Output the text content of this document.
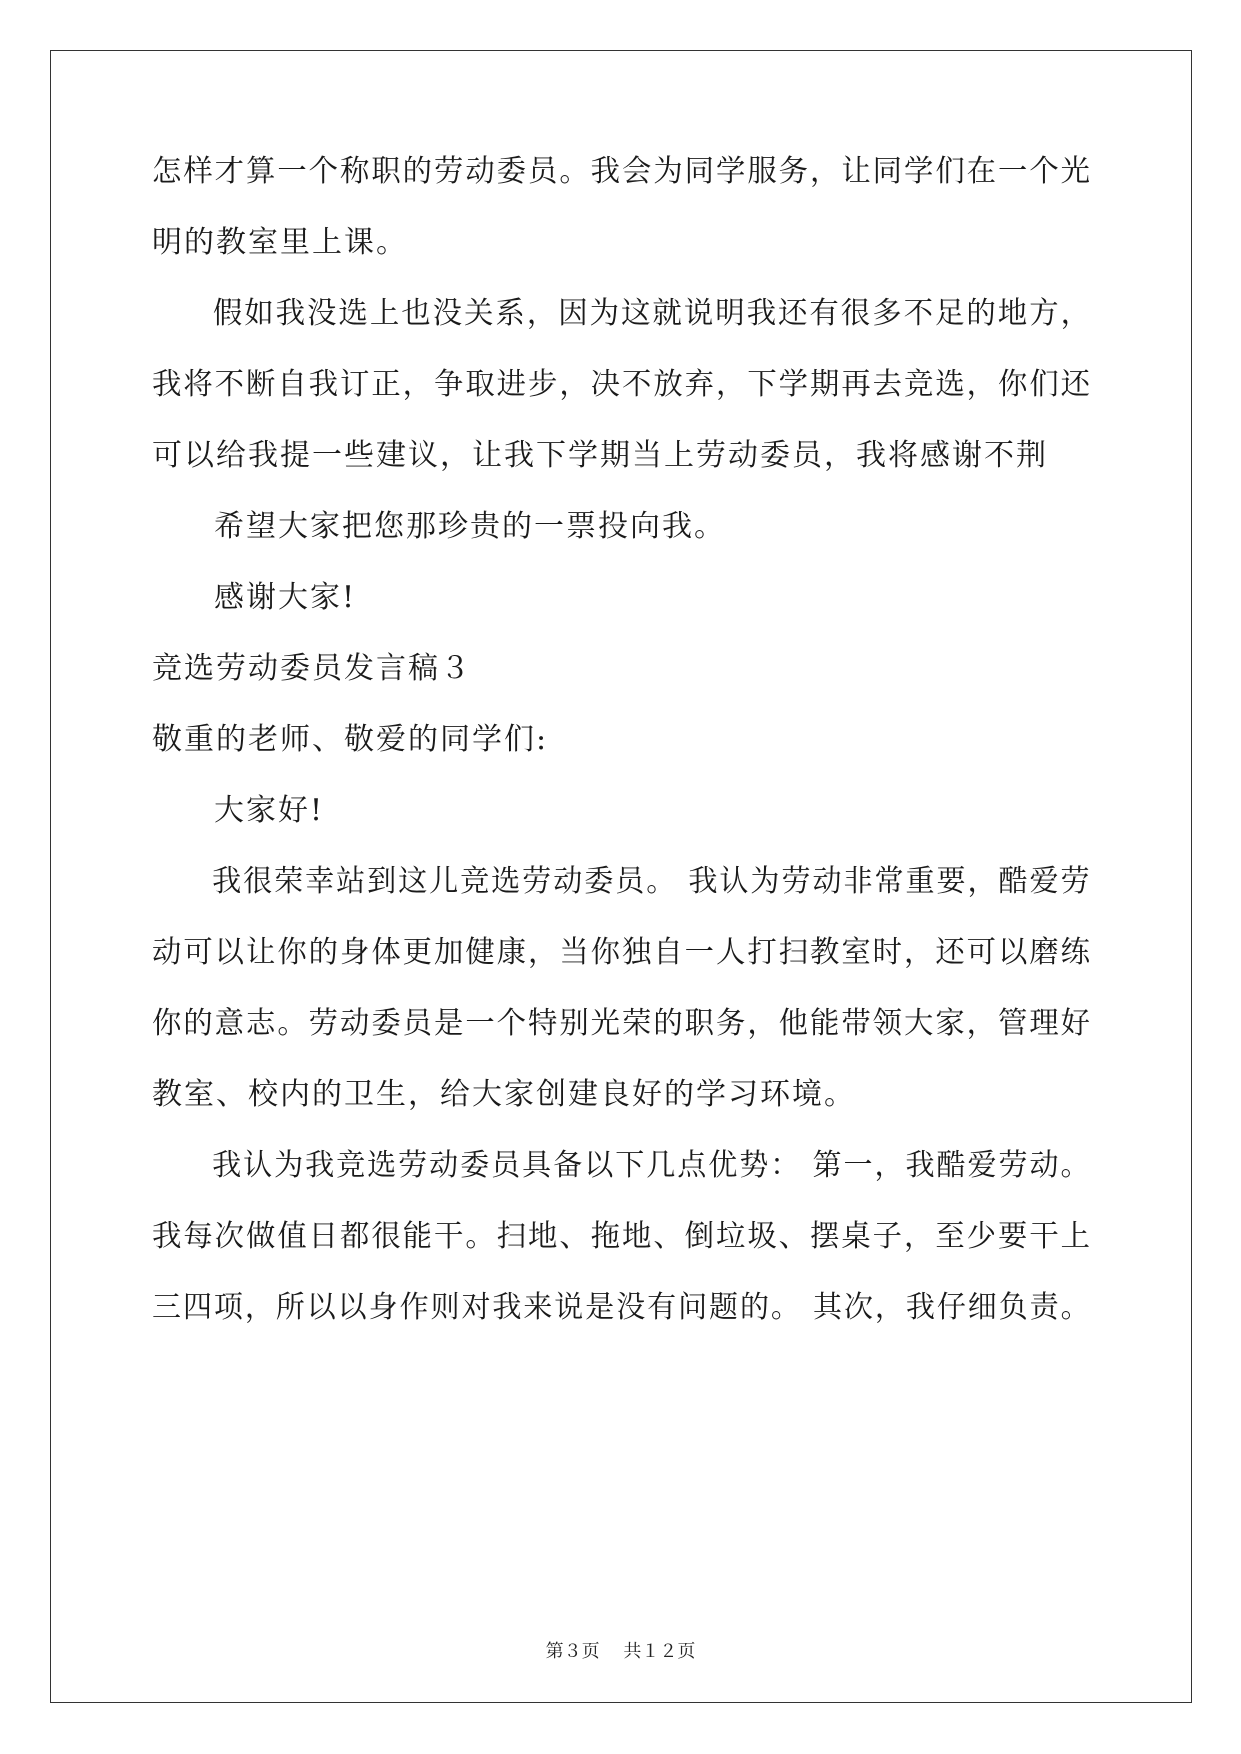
怎样才算一个称职的劳动委员。我会为同学服务，让同学们在一个光
明的教室里上课。
假如我没选上也没关系，因为这就说明我还有很多不足的地方，
我将不断自我订正，争取进步，决不放弃，下学期再去竞选，你们还
可以给我提一些建议，让我下学期当上劳动委员，我将感谢不荆
希望大家把您那珍贵的一票投向我。
感谢大家!
竞选劳动委员发言稿３
敬重的老师、敬爱的同学们:
大家好!
我很荣幸站到这儿竞选劳动委员。 我认为劳动非常重要，酷爱劳
动可以让你的身体更加健康，当你独自一人打扫教室时，还可以磨练
你的意志。劳动委员是一个特别光荣的职务，他能带领大家，管理好
教室、校内的卫生，给大家创建良好的学习环境。
我认为我竞选劳动委员具备以下几点优势： 第一，我酷爱劳动。
我每次做值日都很能干。扫地、拖地、倒垃圾、摆桌子，至少要干上
三四项，所以以身作则对我来说是没有问题的。 其次，我仔细负责。
第３页　 共１２页
